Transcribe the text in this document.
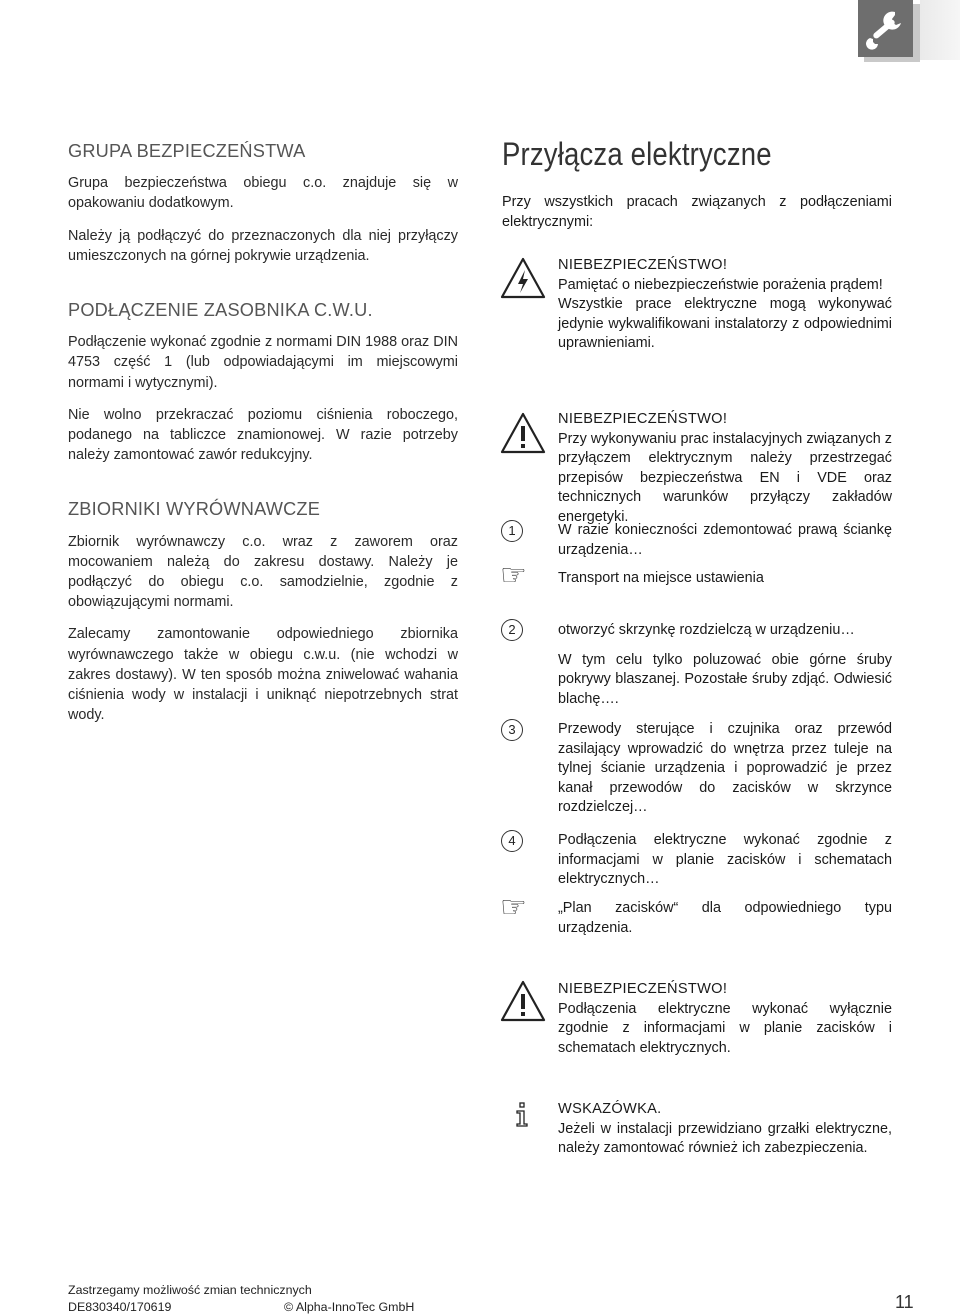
GRUPA BEZPIECZEŃSTWA

Grupa bezpieczeństwa obiegu c.o. znajduje się w opakowaniu dodatkowym.

Należy ją podłączyć do przeznaczonych dla niej przyłączy umieszczonych na górnej pokrywie urządzenia.

PODŁĄCZENIE ZASOBNIKA C.W.U.

Podłączenie wykonać zgodnie z normami DIN 1988 oraz DIN 4753 część 1 (lub odpowiadającymi im miejscowymi normami i wytycznymi).

Nie wolno przekraczać poziomu ciśnienia roboczego, podanego na tabliczce znamionowej. W razie potrzeby należy zamontować zawór redukcyjny.

ZBIORNIKI WYRÓWNAWCZE

Zbiornik wyrównawczy c.o. wraz z zaworem oraz mocowaniem należą do zakresu dostawy. Należy je podłączyć do obiegu c.o. samodzielnie, zgodnie z obowiązującymi normami.

Zalecamy zamontowanie odpowiedniego zbiornika wyrównawczego także w obiegu c.w.u. (nie wchodzi w zakres dostawy). W ten sposób można zniwelować wahania ciśnienia wody w instalacji i uniknąć niepotrzebnych strat wody.

Przyłącza elektryczne
Przy wszystkich pracach związanych z podłączeniami elektrycznymi:

NIEBEZPIECZEŃSTWO!

Pamiętać o niebezpieczeństwie porażenia prądem!

Wszystkie prace elektryczne mogą wykonywać jedynie wykwalifikowani instalatorzy z odpowiednimi uprawnieniami.

NIEBEZPIECZEŃSTWO!

Przy wykonywaniu prac instalacyjnych związanych z przyłączem elektrycznym należy przestrzegać przepisów bezpieczeństwa EN i VDE oraz technicznych warunków przyłączy zakładów energetyki.

1	W razie konieczności zdemontować prawą ściankę urządzenia…
☞ Transport na miejsce ustawienia
2	otworzyć skrzynkę rozdzielczą w urządzeniu…

W tym celu tylko poluzować obie górne śruby pokrywy blaszanej. Pozostałe śruby zdjąć. Odwiesić blachę….

3	Przewody sterujące i czujnika oraz przewód zasilający wprowadzić do wnętrza przez tuleje na tylnej ścianie urządzenia i poprowadzić je przez kanał przewodów do zacisków w skrzynce rozdzielczej…
4	Podłączenia elektryczne wykonać zgodnie z informacjami w planie zacisków i schematach elektrycznych…
☞ „Plan zacisków“ dla odpowiedniego typu urządzenia.

NIEBEZPIECZEŃSTWO!

Podłączenia elektryczne wykonać wyłącznie zgodnie z informacjami w planie zacisków i schematach elektrycznych.

WSKAZÓWKA.

Jeżeli w instalacji przewidziano grzałki elektryczne, należy zamontować również ich zabezpieczenia.

Zastrzegamy możliwość zmian technicznych
DE830340/170619	© Alpha-InnoTec GmbH	11
